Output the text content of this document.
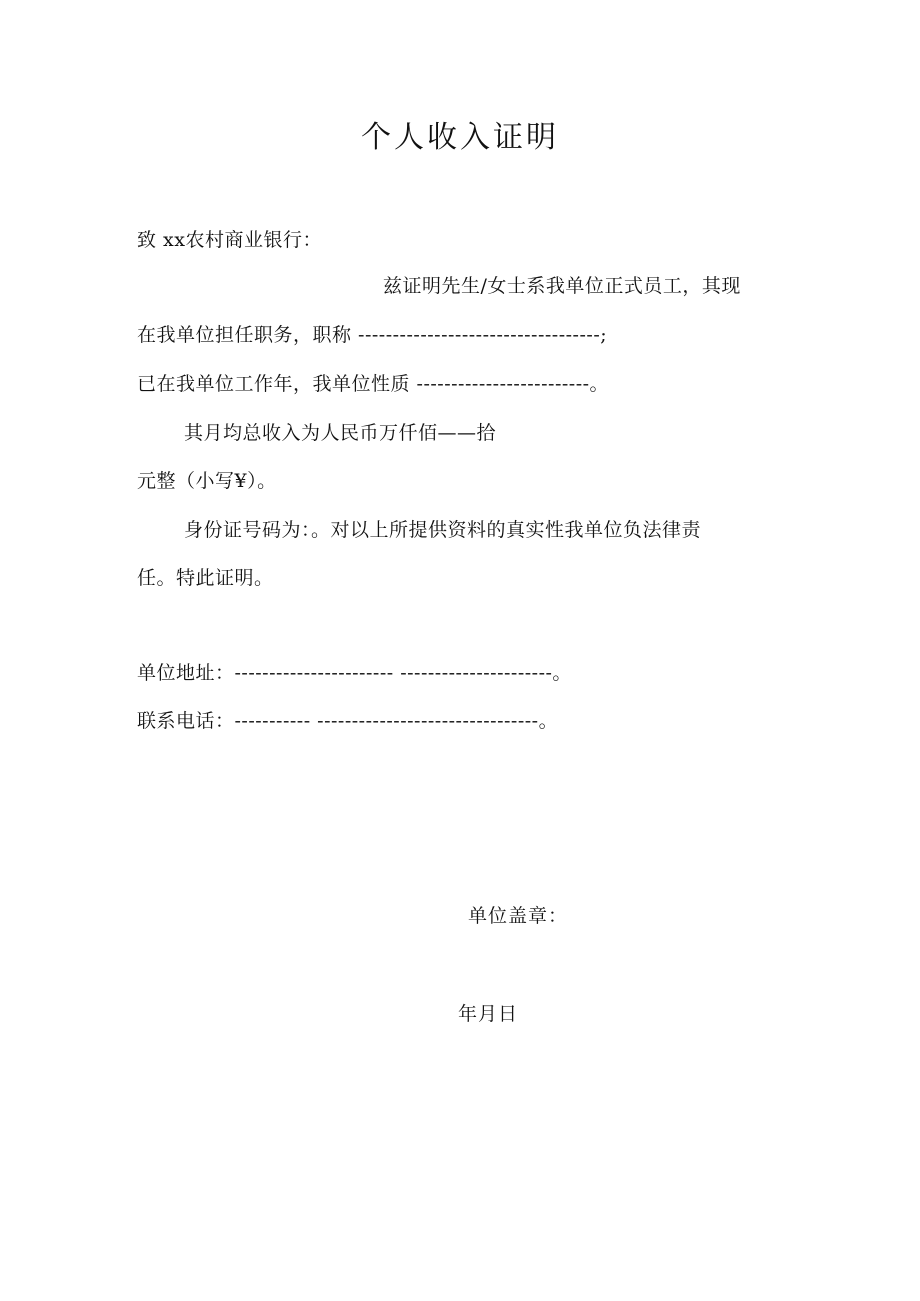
个人收入证明
致 xx农村商业银行：
兹证明先生/女士系我单位正式员工，其现
在我单位担任职务，职称 -----------------------------------;
已在我单位工作年，我单位性质 -------------------------。
其月均总收入为人民币万仟佰——拾
元整（小写¥）。
身份证号码为：。对以上所提供资料的真实性我单位负法律责
任。特此证明。
单位地址：----------------------- ----------------------。
联系电话：----------- --------------------------------。
单位盖章：
年月日
